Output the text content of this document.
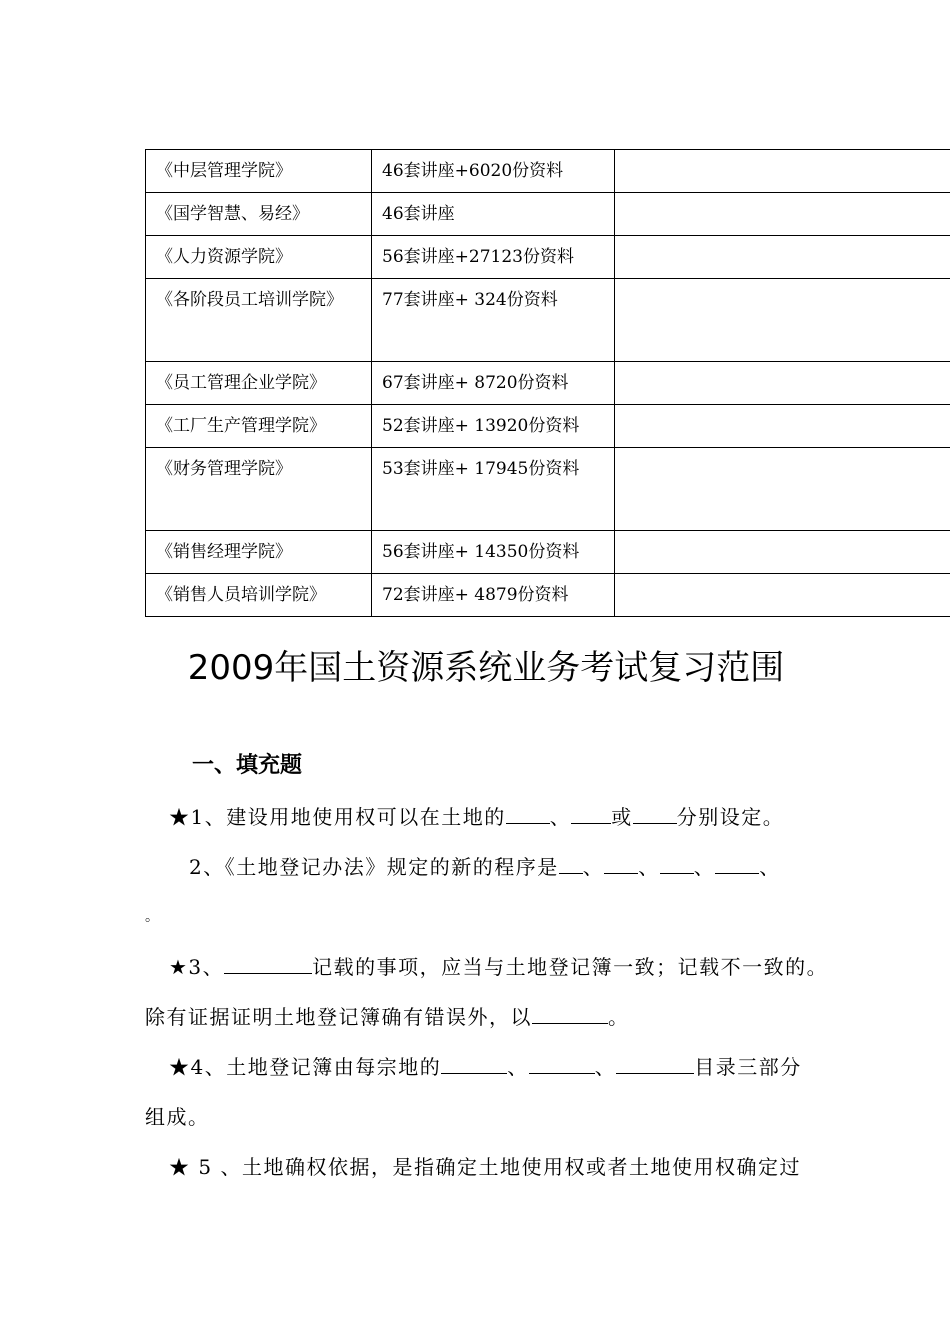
《中层管理学院》	46套讲座+6020份资料	
《国学智慧、易经》	46套讲座	
《人力资源学院》	56套讲座+27123份资料	
《各阶段员工培训学院》	77套讲座+ 324份资料	
《员工管理企业学院》	67套讲座+ 8720份资料	
《工厂生产管理学院》	52套讲座+ 13920份资料	
《财务管理学院》	53套讲座+ 17945份资料	
《销售经理学院》	56套讲座+ 14350份资料	
《销售人员培训学院》	72套讲座+ 4879份资料	
2009年国土资源系统业务考试复习范围
一、填充题
★1、建设用地使用权可以在土地的 、 或 分别设定。
2、《土地登记办法》规定的新的程序是 、 、 、 、
。
★3、	记载的事项，应当与土地登记簿一致；记载不一致的。
除有证据证明土地登记簿确有错误外，以	。
★4、土地登记簿由每宗地的	、	、	目录三部分
组成。
★ 5 、土地确权依据，是指确定土地使用权或者土地使用权确定过
